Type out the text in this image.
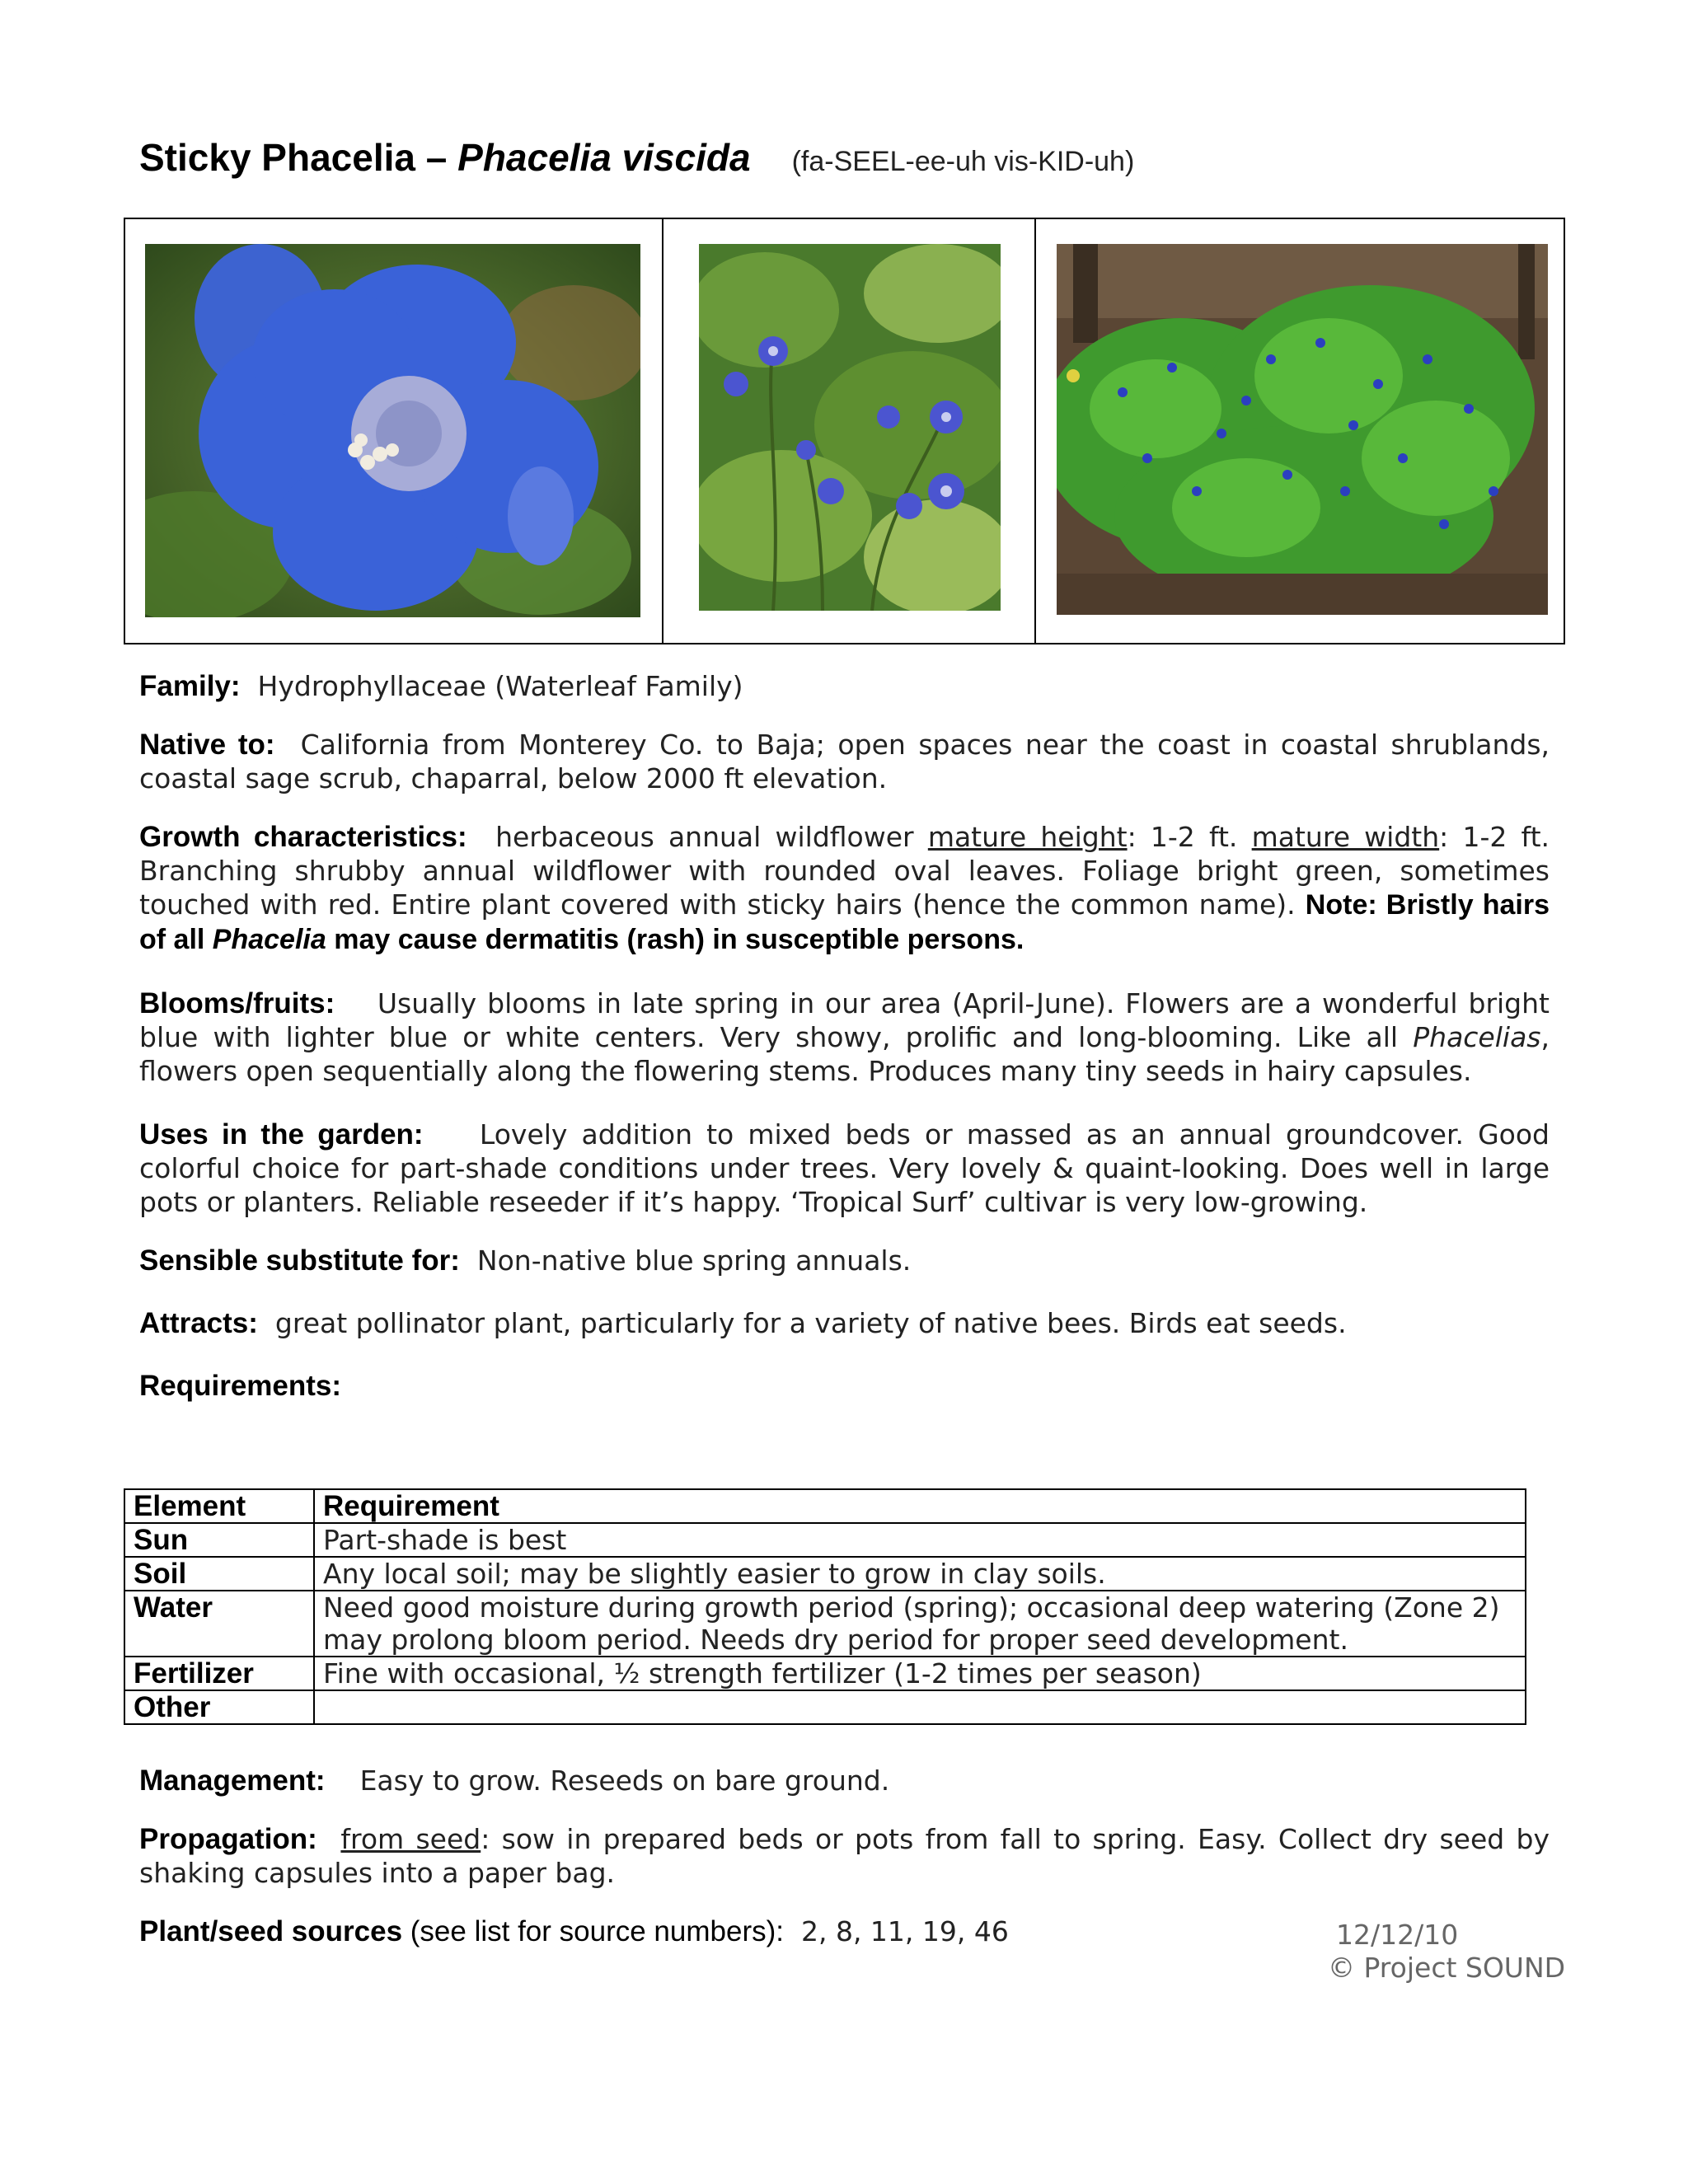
Sticky Phacelia – Phacelia viscida (fa-SEEL-ee-uh vis-KID-uh)

Family: Hydrophyllaceae (Waterleaf Family)

Native to: California from Monterey Co. to Baja; open spaces near the coast in coastal shrublands, coastal sage scrub, chaparral, below 2000 ft elevation.

Growth characteristics: herbaceous annual wildflower mature height: 1-2 ft. mature width: 1-2 ft. Branching shrubby annual wildflower with rounded oval leaves. Foliage bright green, sometimes touched with red. Entire plant covered with sticky hairs (hence the common name). Note: Bristly hairs of all Phacelia may cause dermatitis (rash) in susceptible persons.

Blooms/fruits: Usually blooms in late spring in our area (April-June). Flowers are a wonderful bright blue with lighter blue or white centers. Very showy, prolific and long-blooming. Like all Phacelias, flowers open sequentially along the flowering stems. Produces many tiny seeds in hairy capsules.

Uses in the garden: Lovely addition to mixed beds or massed as an annual groundcover. Good colorful choice for part-shade conditions under trees. Very lovely & quaint-looking. Does well in large pots or planters. Reliable reseeder if it’s happy. ‘Tropical Surf’ cultivar is very low-growing.

Sensible substitute for: Non-native blue spring annuals.

Attracts: great pollinator plant, particularly for a variety of native bees. Birds eat seeds.

Requirements:

Element	Requirement
Sun	Part-shade is best
Soil	Any local soil; may be slightly easier to grow in clay soils.
Water	Need good moisture during growth period (spring); occasional deep watering (Zone 2) may prolong bloom period. Needs dry period for proper seed development.
Fertilizer	Fine with occasional, ½ strength fertilizer (1-2 times per season)
Other	

Management: Easy to grow. Reseeds on bare ground.

Propagation: from seed: sow in prepared beds or pots from fall to spring. Easy. Collect dry seed by shaking capsules into a paper bag.

Plant/seed sources (see list for source numbers): 2, 8, 11, 19, 46	12/12/10
© Project SOUND
